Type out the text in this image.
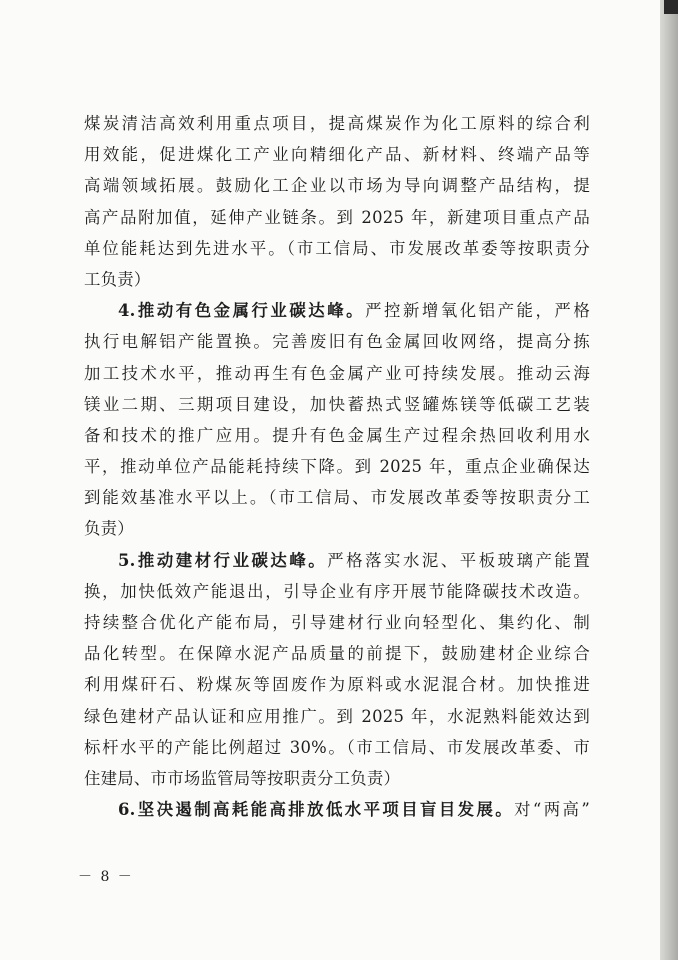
煤炭清洁高效利用重点项目，提高煤炭作为化工原料的综合利
用效能，促进煤化工产业向精细化产品、新材料、终端产品等
高端领域拓展。鼓励化工企业以市场为导向调整产品结构，提
高产品附加值，延伸产业链条。到 2025 年，新建项目重点产品
单位能耗达到先进水平。（市工信局、市发展改革委等按职责分
工负责）
4.推动有色金属行业碳达峰。严控新增氧化铝产能，严格
执行电解铝产能置换。完善废旧有色金属回收网络，提高分拣
加工技术水平，推动再生有色金属产业可持续发展。推动云海
镁业二期、三期项目建设，加快蓄热式竖罐炼镁等低碳工艺装
备和技术的推广应用。提升有色金属生产过程余热回收利用水
平，推动单位产品能耗持续下降。到 2025 年，重点企业确保达
到能效基准水平以上。（市工信局、市发展改革委等按职责分工
负责）
5.推动建材行业碳达峰。严格落实水泥、平板玻璃产能置
换，加快低效产能退出，引导企业有序开展节能降碳技术改造。
持续整合优化产能布局，引导建材行业向轻型化、集约化、制
品化转型。在保障水泥产品质量的前提下，鼓励建材企业综合
利用煤矸石、粉煤灰等固废作为原料或水泥混合材。加快推进
绿色建材产品认证和应用推广。到 2025 年，水泥熟料能效达到
标杆水平的产能比例超过 30%。（市工信局、市发展改革委、市
住建局、市市场监管局等按职责分工负责）
6.坚决遏制高耗能高排放低水平项目盲目发展。对“两高”
－ 8 －
